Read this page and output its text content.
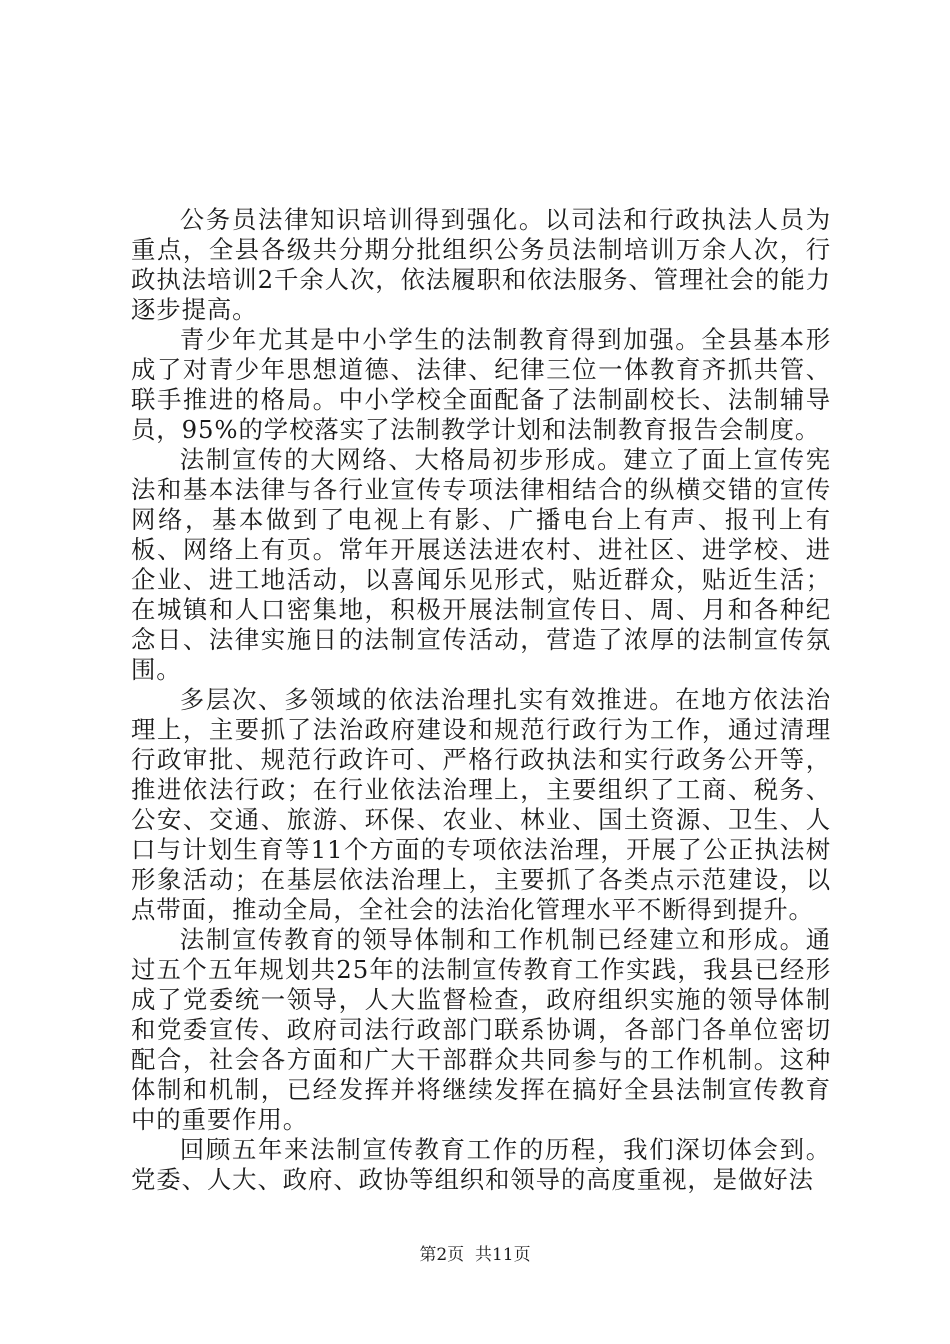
公务员法律知识培训得到强化。以司法和行政执法人员为重点，全县各级共分期分批组织公务员法制培训万余人次，行政执法培训2千余人次，依法履职和依法服务、管理社会的能力逐步提高。

青少年尤其是中小学生的法制教育得到加强。全县基本形成了对青少年思想道德、法律、纪律三位一体教育齐抓共管、联手推进的格局。中小学校全面配备了法制副校长、法制辅导员，95%的学校落实了法制教学计划和法制教育报告会制度。

法制宣传的大网络、大格局初步形成。建立了面上宣传宪法和基本法律与各行业宣传专项法律相结合的纵横交错的宣传网络，基本做到了电视上有影、广播电台上有声、报刊上有板、网络上有页。常年开展送法进农村、进社区、进学校、进企业、进工地活动，以喜闻乐见形式，贴近群众，贴近生活；在城镇和人口密集地，积极开展法制宣传日、周、月和各种纪念日、法律实施日的法制宣传活动，营造了浓厚的法制宣传氛围。

多层次、多领域的依法治理扎实有效推进。在地方依法治理上，主要抓了法治政府建设和规范行政行为工作，通过清理行政审批、规范行政许可、严格行政执法和实行政务公开等，推进依法行政；在行业依法治理上，主要组织了工商、税务、公安、交通、旅游、环保、农业、林业、国土资源、卫生、人口与计划生育等11个方面的专项依法治理，开展了公正执法树形象活动；在基层依法治理上，主要抓了各类点示范建设，以点带面，推动全局，全社会的法治化管理水平不断得到提升。

法制宣传教育的领导体制和工作机制已经建立和形成。通过五个五年规划共25年的法制宣传教育工作实践，我县已经形成了党委统一领导，人大监督检查，政府组织实施的领导体制和党委宣传、政府司法行政部门联系协调，各部门各单位密切配合，社会各方面和广大干部群众共同参与的工作机制。这种体制和机制，已经发挥并将继续发挥在搞好全县法制宣传教育中的重要作用。

回顾五年来法制宣传教育工作的历程，我们深切体会到。党委、人大、政府、政协等组织和领导的高度重视，是做好法

第2页  共11页
